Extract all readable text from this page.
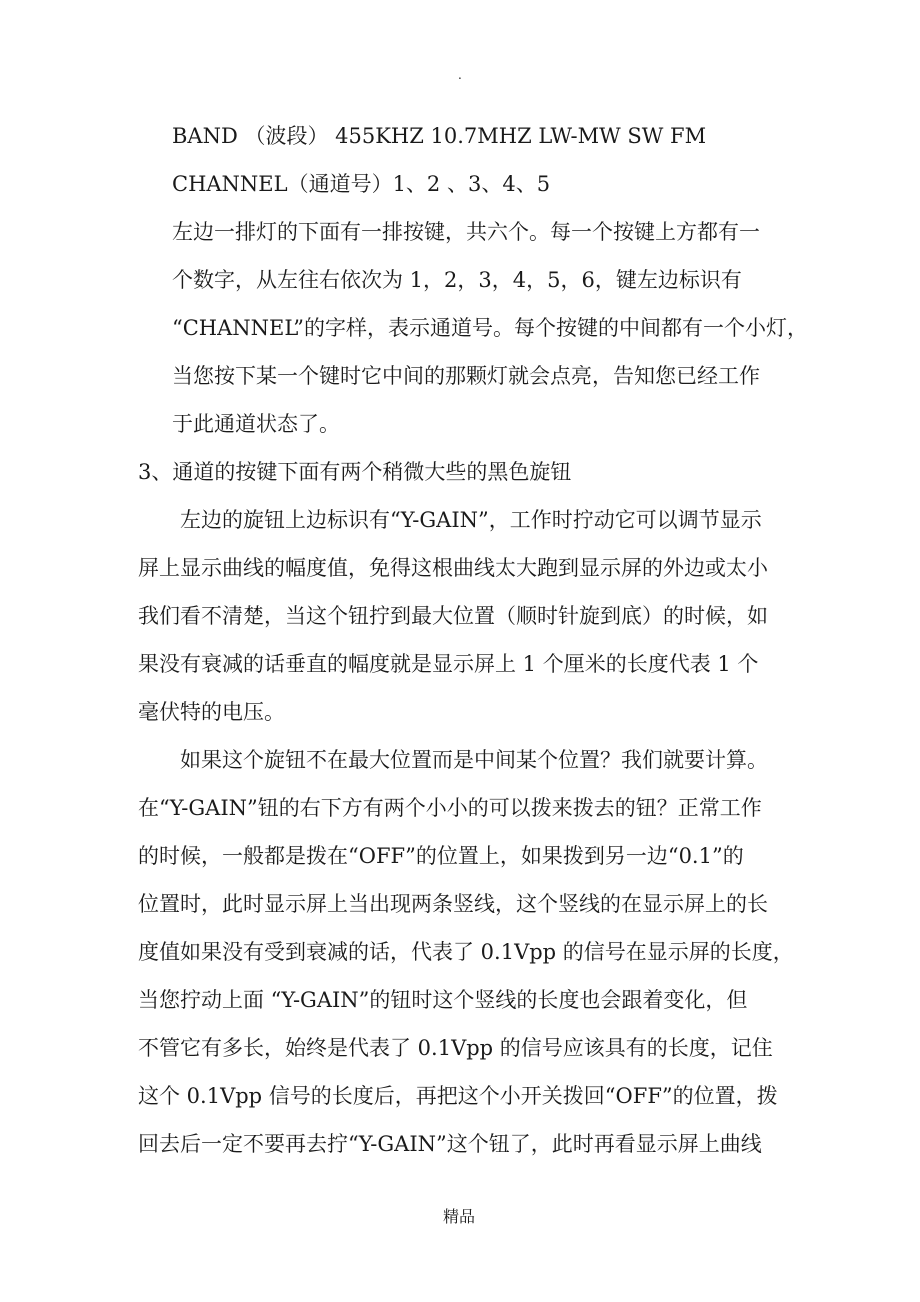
.
BAND （波段） 455KHZ 10.7MHZ LW-MW SW FM
CHANNEL（通道号）1、2 、3、4、5
左边一排灯的下面有一排按键，共六个。每一个按键上方都有一
个数字，从左往右依次为 1，2，3，4，5，6，键左边标识有
“CHANNEL”的字样，表示通道号。每个按键的中间都有一个小灯，
当您按下某一个键时它中间的那颗灯就会点亮，告知您已经工作
于此通道状态了。
3、通道的按键下面有两个稍微大些的黑色旋钮
左边的旋钮上边标识有“Y-GAIN”，工作时拧动它可以调节显示
屏上显示曲线的幅度值，免得这根曲线太大跑到显示屏的外边或太小
我们看不清楚，当这个钮拧到最大位置（顺时针旋到底）的时候，如
果没有衰减的话垂直的幅度就是显示屏上 1 个厘米的长度代表 1 个
毫伏特的电压。
如果这个旋钮不在最大位置而是中间某个位置？我们就要计算。
在“Y-GAIN”钮的右下方有两个小小的可以拨来拨去的钮？正常工作
的时候，一般都是拨在“OFF”的位置上，如果拨到另一边“0.1”的
位置时，此时显示屏上当出现两条竖线，这个竖线的在显示屏上的长
度值如果没有受到衰减的话，代表了 0.1Vpp 的信号在显示屏的长度，
当您拧动上面 “Y-GAIN”的钮时这个竖线的长度也会跟着变化，但
不管它有多长，始终是代表了 0.1Vpp 的信号应该具有的长度，记住
这个 0.1Vpp 信号的长度后，再把这个小开关拨回“OFF”的位置，拨
回去后一定不要再去拧“Y-GAIN”这个钮了，此时再看显示屏上曲线
精品
